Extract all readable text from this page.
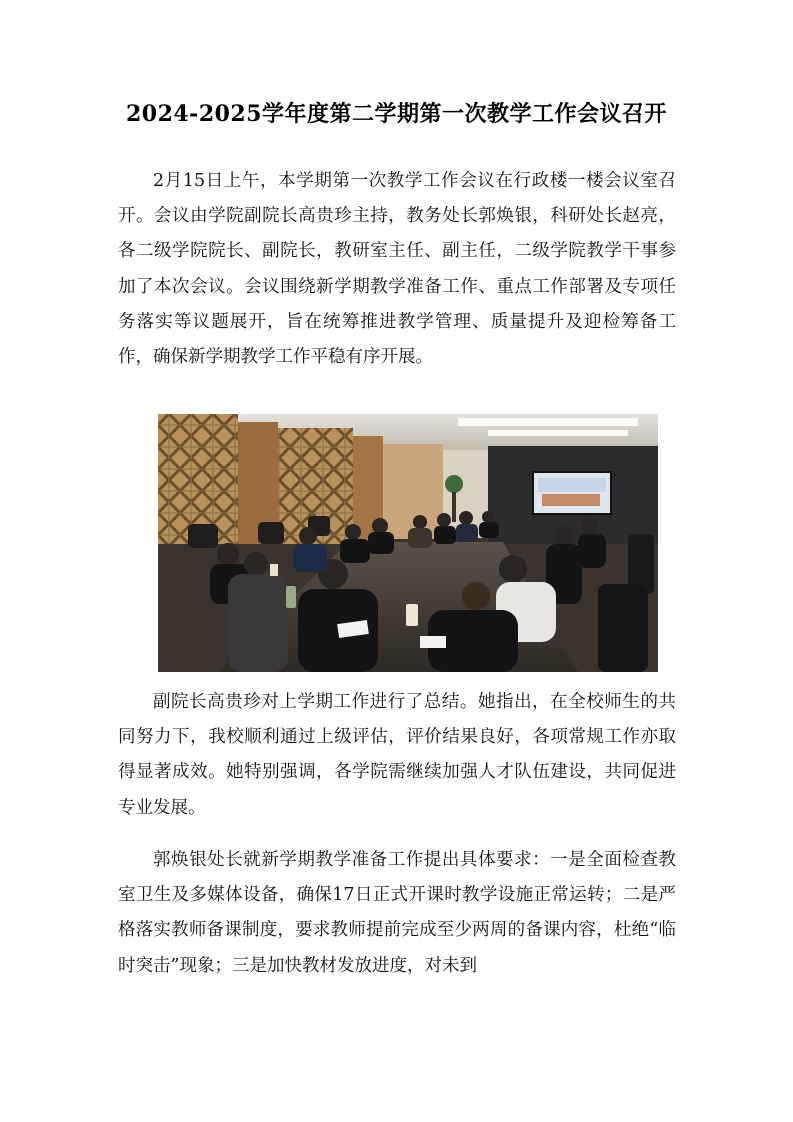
2024-2025学年度第二学期第一次教学工作会议召开

2月15日上午，本学期第一次教学工作会议在行政楼一楼会议室召开。会议由学院副院长高贵珍主持，教务处长郭焕银，科研处长赵亮，各二级学院院长、副院长，教研室主任、副主任，二级学院教学干事参加了本次会议。会议围绕新学期教学准备工作、重点工作部署及专项任务落实等议题展开，旨在统筹推进教学管理、质量提升及迎检筹备工作，确保新学期教学工作平稳有序开展。

副院长高贵珍对上学期工作进行了总结。她指出，在全校师生的共同努力下，我校顺利通过上级评估，评价结果良好，各项常规工作亦取得显著成效。她特别强调，各学院需继续加强人才队伍建设，共同促进专业发展。

郭焕银处长就新学期教学准备工作提出具体要求：一是全面检查教室卫生及多媒体设备，确保17日正式开课时教学设施正常运转；二是严格落实教师备课制度，要求教师提前完成至少两周的备课内容，杜绝“临时突击”现象；三是加快教材发放进度，对未到
